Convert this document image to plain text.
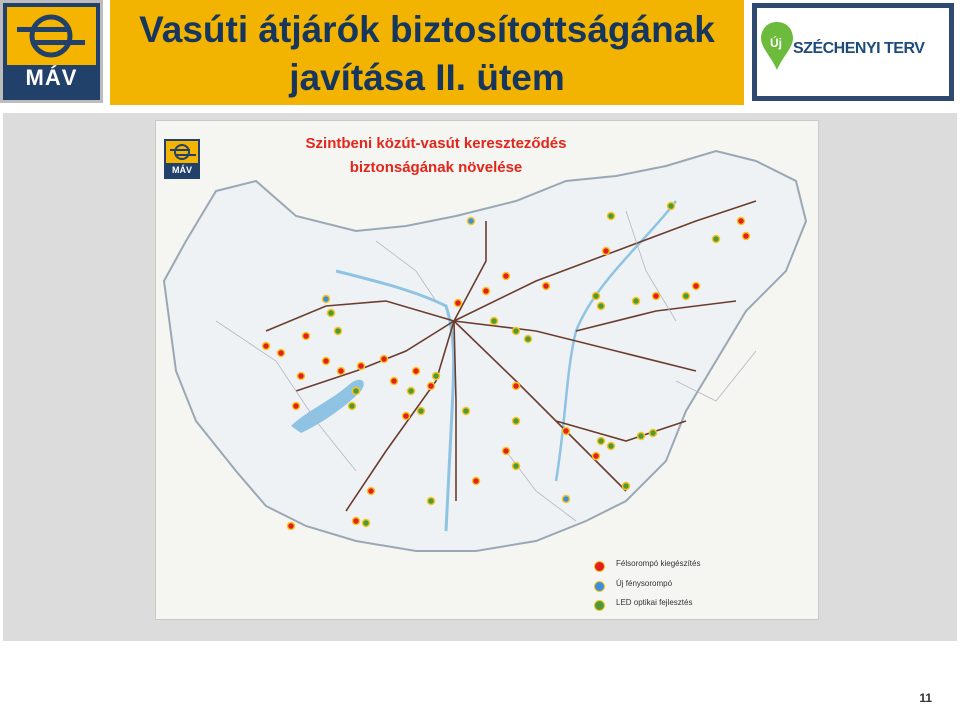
MÁV
Vasúti átjárók biztosítottságának
javítása II. ütem
Új SZÉCHENYI TERV
MÁV
Szintbeni közút-vasút kereszteződés
biztonságának növelése
Félsorompó kiegészítés
Új fénysorompó
LED optikai fejlesztés
11
